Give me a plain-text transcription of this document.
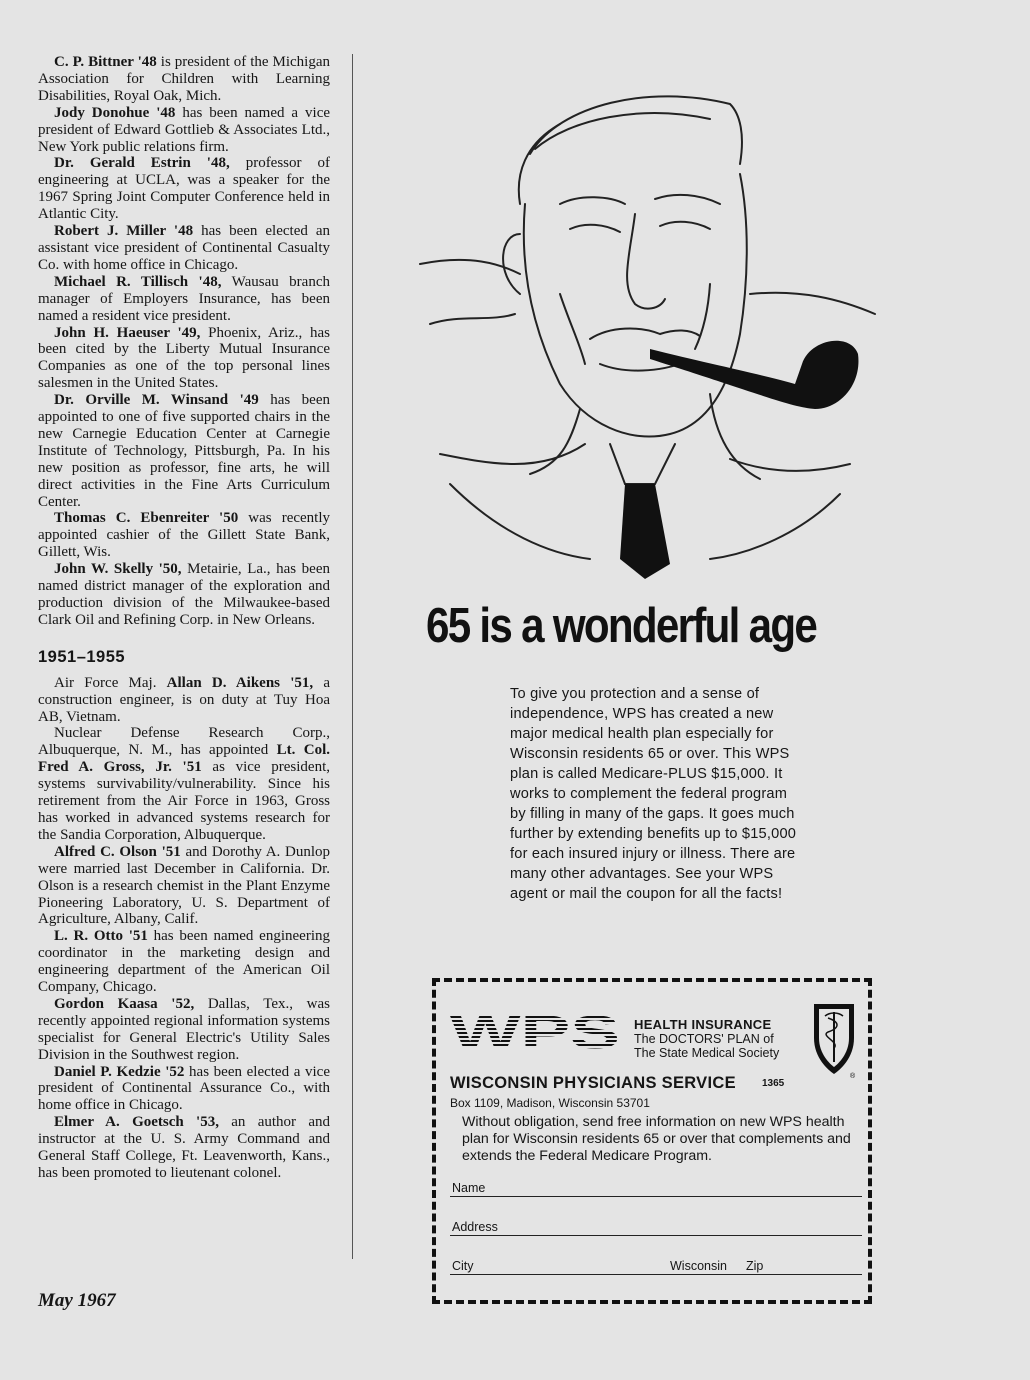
C. P. Bittner '48 is president of the Michigan Association for Children with Learning Disabilities, Royal Oak, Mich.

Jody Donohue '48 has been named a vice president of Edward Gottlieb & Associates Ltd., New York public relations firm.

Dr. Gerald Estrin '48, professor of engineering at UCLA, was a speaker for the 1967 Spring Joint Computer Conference held in Atlantic City.

Robert J. Miller '48 has been elected an assistant vice president of Continental Casualty Co. with home office in Chicago.

Michael R. Tillisch '48, Wausau branch manager of Employers Insurance, has been named a resident vice president.

John H. Haeuser '49, Phoenix, Ariz., has been cited by the Liberty Mutual Insurance Companies as one of the top personal lines salesmen in the United States.

Dr. Orville M. Winsand '49 has been appointed to one of five supported chairs in the new Carnegie Education Center at Carnegie Institute of Technology, Pittsburgh, Pa. In his new position as professor, fine arts, he will direct activities in the Fine Arts Curriculum Center.

Thomas C. Ebenreiter '50 was recently appointed cashier of the Gillett State Bank, Gillett, Wis.

John W. Skelly '50, Metairie, La., has been named district manager of the exploration and production division of the Milwaukee-based Clark Oil and Refining Corp. in New Orleans.

1951–1955

Air Force Maj. Allan D. Aikens '51, a construction engineer, is on duty at Tuy Hoa AB, Vietnam.

Nuclear Defense Research Corp., Albuquerque, N. M., has appointed Lt. Col. Fred A. Gross, Jr. '51 as vice president, systems survivability/vulnerability. Since his retirement from the Air Force in 1963, Gross has worked in advanced systems research for the Sandia Corporation, Albuquerque.

Alfred C. Olson '51 and Dorothy A. Dunlop were married last December in California. Dr. Olson is a research chemist in the Plant Enzyme Pioneering Laboratory, U. S. Department of Agriculture, Albany, Calif.

L. R. Otto '51 has been named engineering coordinator in the marketing design and engineering department of the American Oil Company, Chicago.

Gordon Kaasa '52, Dallas, Tex., was recently appointed regional information systems specialist for General Electric's Utility Sales Division in the Southwest region.

Daniel P. Kedzie '52 has been elected a vice president of Continental Assurance Co., with home office in Chicago.

Elmer A. Goetsch '53, an author and instructor at the U. S. Army Command and General Staff College, Ft. Leavenworth, Kans., has been promoted to lieutenant colonel.

May 1967
65 is a wonderful age
To give you protection and a sense of independence, WPS has created a new major medical health plan especially for Wisconsin residents 65 or over. This WPS plan is called Medicare-PLUS $15,000. It works to complement the federal program by filling in many of the gaps. It goes much further by extending benefits up to $15,000 for each insured injury or illness. There are many other advantages. See your WPS agent or mail the coupon for all the facts!
WPS HEALTH INSURANCE
The DOCTORS' PLAN of
The State Medical Society
®
WISCONSIN PHYSICIANS SERVICE	1365
Box 1109, Madison, Wisconsin 53701
Without obligation, send free information on new WPS health plan for Wisconsin residents 65 or over that complements and extends the Federal Medicare Program.
Name
Address
City	Wisconsin Zip
